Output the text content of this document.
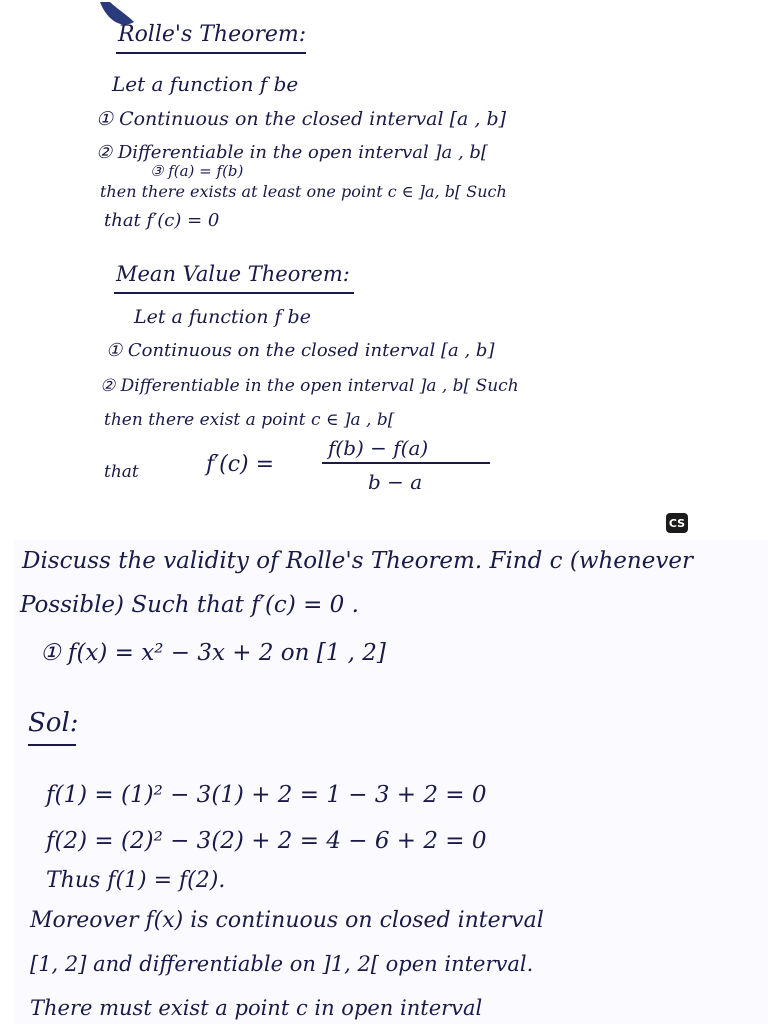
Rolle's Theorem:
Let a function f be
① Continuous on the closed interval [a , b]
② Differentiable in the open interval ]a , b[
③ f(a) = f(b)
then there exists at least one point c ∈ ]a, b[ Such
that f′(c) = 0
Mean Value Theorem:
Let a function f be
① Continuous on the closed interval [a , b]
② Differentiable in the open interval ]a , b[ Such
then there exist a point c ∈ ]a , b[
that	f′(c) =
f(b) − f(a)
b − a
CS
Discuss the validity of Rolle's Theorem. Find c (whenever
Possible) Such that f′(c) = 0 .
① f(x) = x² − 3x + 2 on [1 , 2]
Sol:
f(1) = (1)² − 3(1) + 2 = 1 − 3 + 2 = 0
f(2) = (2)² − 3(2) + 2 = 4 − 6 + 2 = 0
Thus f(1) = f(2).
Moreover f(x) is continuous on closed interval
[1, 2] and differentiable on ]1, 2[ open interval.
There must exist a point c in open interval
